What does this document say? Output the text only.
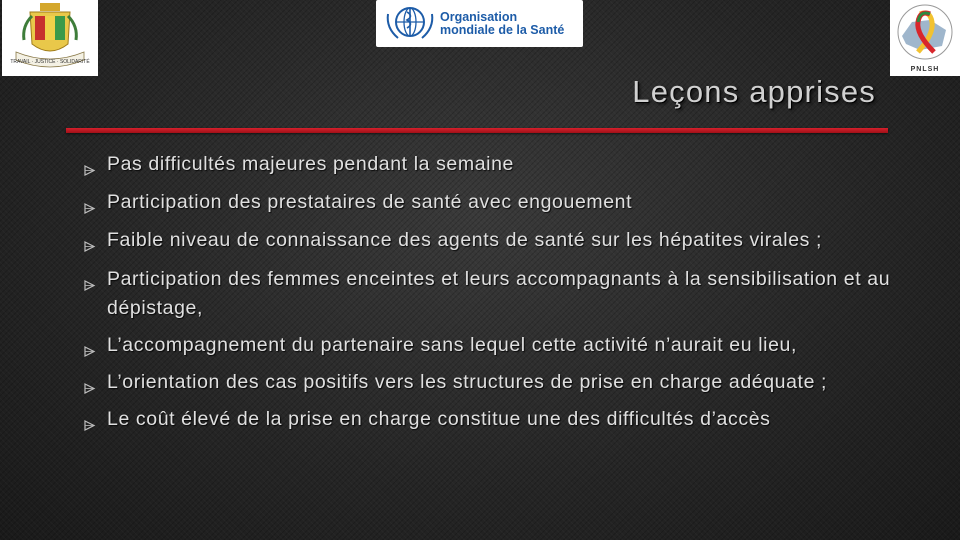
TRAVAIL · JUSTICE · SOLIDARITÉ
Organisation
mondiale de la Santé
PNLSH
Leçons apprises
Pas difficultés majeures pendant la semaine
Participation des prestataires de santé avec engouement
Faible niveau de connaissance des agents de santé sur les hépatites virales ;
Participation des femmes enceintes et leurs accompagnants à la sensibilisation et au dépistage,
L’accompagnement du partenaire sans lequel cette activité n’aurait eu lieu,
L’orientation des cas positifs vers les structures de prise en charge adéquate ;
Le coût élevé de la prise en charge constitue une des difficultés d’accès
